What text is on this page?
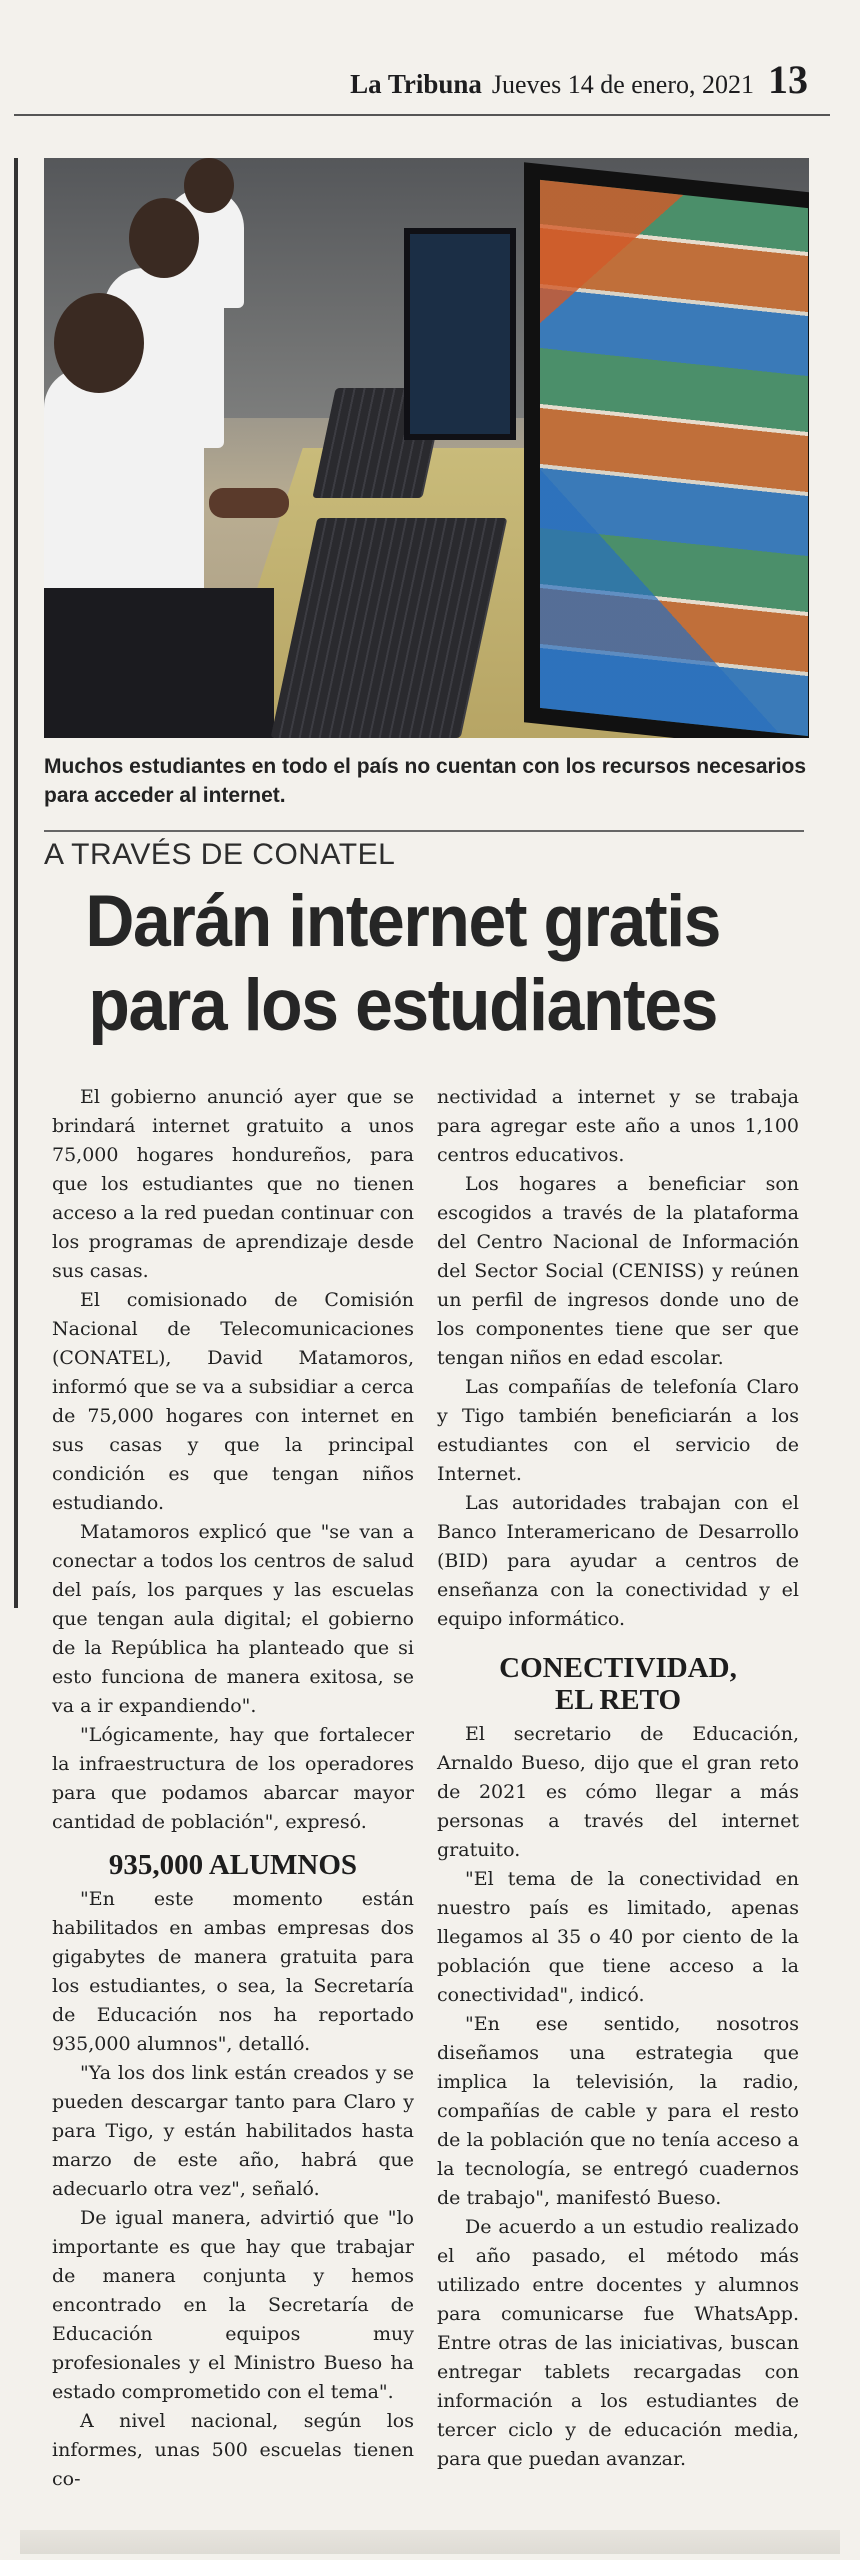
La Tribuna Jueves 14 de enero, 2021 13
Muchos estudiantes en todo el país no cuentan con los recursos necesarios para acceder al internet.
A TRAVÉS DE CONATEL
Darán internet gratis
para los estudiantes

El gobierno anunció ayer que se brindará internet gratuito a unos 75,000 hogares hondureños, para que los estudiantes que no tienen acceso a la red puedan continuar con los programas de aprendizaje desde sus casas.

El comisionado de Comisión Nacional de Telecomunicaciones (CONATEL), David Matamoros, informó que se va a subsidiar a cerca de 75,000 hogares con internet en sus casas y que la principal condición es que tengan niños estudiando.

Matamoros explicó que "se van a conectar a todos los centros de salud del país, los parques y las escuelas que tengan aula digital; el gobierno de la República ha planteado que si esto funciona de manera exitosa, se va a ir expandiendo".

"Lógicamente, hay que fortalecer la infraestructura de los operadores para que podamos abarcar mayor cantidad de población", expresó.

935,000 ALUMNOS

"En este momento están habilitados en ambas empresas dos gigabytes de manera gratuita para los estudiantes, o sea, la Secretaría de Educación nos ha reportado 935,000 alumnos", detalló.

"Ya los dos link están creados y se pueden descargar tanto para Claro y para Tigo, y están habilitados hasta marzo de este año, habrá que adecuarlo otra vez", señaló.

De igual manera, advirtió que "lo importante es que hay que trabajar de manera conjunta y hemos encontrado en la Secretaría de Educación equipos muy profesionales y el Ministro Bueso ha estado comprometido con el tema".

A nivel nacional, según los informes, unas 500 escuelas tienen co-

nectividad a internet y se trabaja para agregar este año a unos 1,100 centros educativos.

Los hogares a beneficiar son escogidos a través de la plataforma del Centro Nacional de Información del Sector Social (CENISS) y reúnen un perfil de ingresos donde uno de los componentes tiene que ser que tengan niños en edad escolar.

Las compañías de telefonía Claro y Tigo también beneficiarán a los estudiantes con el servicio de Internet.

Las autoridades trabajan con el Banco Interamericano de Desarrollo (BID) para ayudar a centros de enseñanza con la conectividad y el equipo informático.

CONECTIVIDAD,
EL RETO

El secretario de Educación, Arnaldo Bueso, dijo que el gran reto de 2021 es cómo llegar a más personas a través del internet gratuito.

"El tema de la conectividad en nuestro país es limitado, apenas llegamos al 35 o 40 por ciento de la población que tiene acceso a la conectividad", indicó.

"En ese sentido, nosotros diseñamos una estrategia que implica la televisión, la radio, compañías de cable y para el resto de la población que no tenía acceso a la tecnología, se entregó cuadernos de trabajo", manifestó Bueso.

De acuerdo a un estudio realizado el año pasado, el método más utilizado entre docentes y alumnos para comunicarse fue WhatsApp. Entre otras de las iniciativas, buscan entregar tablets recargadas con información a los estudiantes de tercer ciclo y de educación media, para que puedan avanzar.
